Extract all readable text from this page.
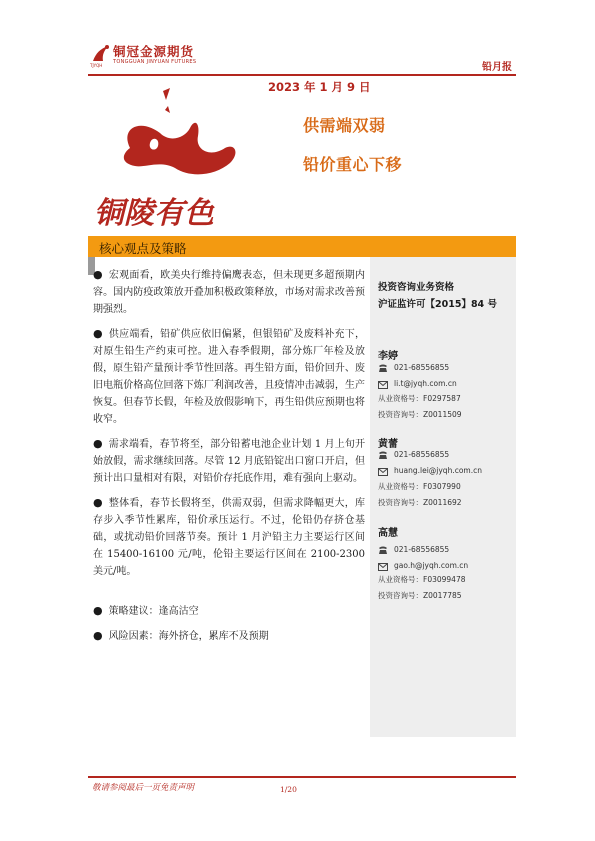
铜冠金源期货
TONGGUAN JINYUAN FUTURES
TJYQH	铅月报
2023 年 1 月 9 日
铜陵有色
供需端双弱
铅价重心下移
核心观点及策略

● 宏观面看，欧美央行维持偏鹰表态，但未现更多超预期内容。国内防疫政策放开叠加积极政策释放，市场对需求改善预期强烈。

● 供应端看，铅矿供应依旧偏紧，但银铅矿及废料补充下，对原生铅生产约束可控。进入春季假期，部分炼厂年检及放假，原生铅产量预计季节性回落。再生铅方面，铅价回升、废旧电瓶价格高位回落下炼厂利润改善，且疫情冲击减弱，生产恢复。但春节长假，年检及放假影响下，再生铅供应预期也将收窄。

● 需求端看，春节将至，部分铅蓄电池企业计划 1 月上旬开始放假，需求继续回落。尽管 12 月底铅锭出口窗口开启，但预计出口量相对有限，对铅价存托底作用，难有强向上驱动。

● 整体看，春节长假将至，供需双弱，但需求降幅更大，库存步入季节性累库，铅价承压运行。不过，伦铅仍存挤仓基础，或扰动铅价回落节奏。预计 1 月沪铅主力主要运行区间在 15400-16100 元/吨，伦铅主要运行区间在 2100-2300 美元/吨。

● 策略建议：逢高沽空

● 风险因素：海外挤仓，累库不及预期

投资咨询业务资格
沪证监许可【2015】84 号
李婷
021-68556855
li.t@jyqh.com.cn
从业资格号：F0297587
投资咨询号：Z0011509
黄蕾
021-68556855
huang.lei@jyqh.com.cn
从业资格号：F0307990
投资咨询号：Z0011692
高慧
021-68556855
gao.h@jyqh.com.cn
从业资格号：F03099478
投资咨询号：Z0017785
敬请参阅最后一页免责声明	1/20
